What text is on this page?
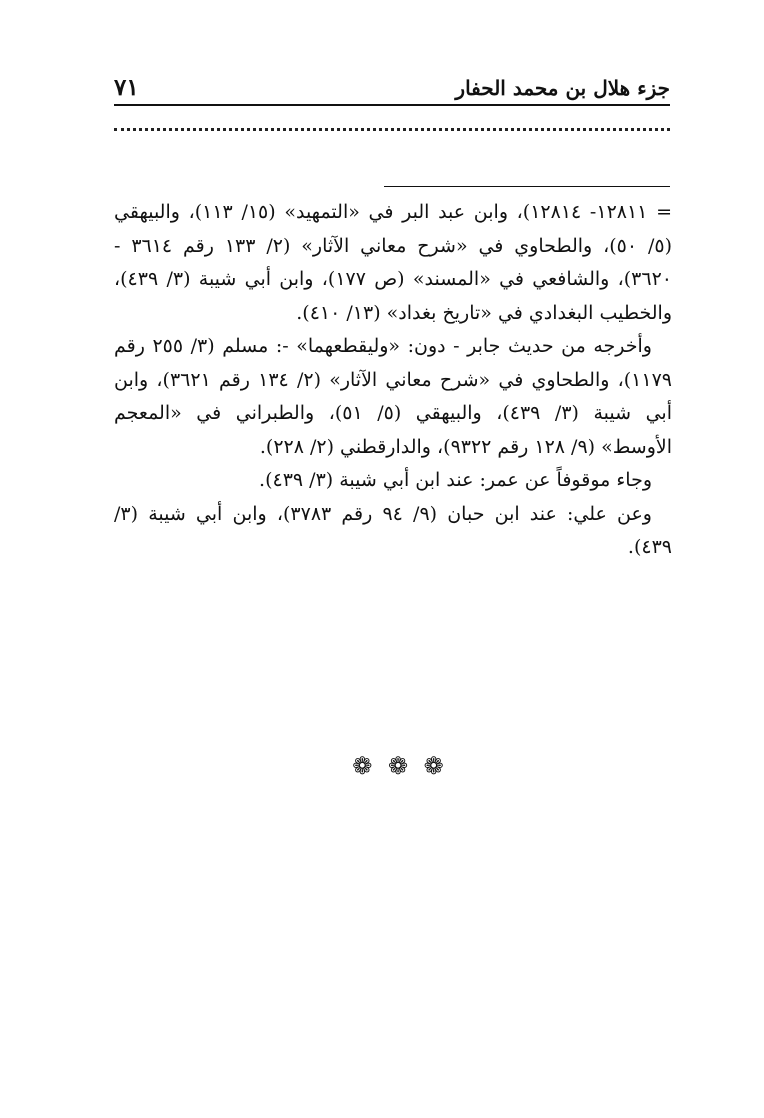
٧١	جزء هلال بن محمد الحفار

= ١٢٨١١- ١٢٨١٤)، وابن عبد البر في «التمهيد» (١٥/ ١١٣)، والبيهقي (٥/ ٥٠)، والطحاوي في «شرح معاني الآثار» (٢/ ١٣٣ رقم ٣٦١٤ - ٣٦٢٠)، والشافعي في «المسند» (ص ١٧٧)، وابن أبي شيبة (٣/ ٤٣٩)، والخطيب البغدادي في «تاريخ بغداد» (١٣/ ٤١٠).

وأخرجه من حديث جابر - دون: «وليقطعهما» -: مسلم (٣/ ٢٥٥ رقم ١١٧٩)، والطحاوي في «شرح معاني الآثار» (٢/ ١٣٤ رقم ٣٦٢١)، وابن أبي شيبة (٣/ ٤٣٩)، والبيهقي (٥/ ٥١)، والطبراني في «المعجم الأوسط» (٩/ ١٢٨ رقم ٩٣٢٢)، والدارقطني (٢/ ٢٢٨).

وجاء موقوفاً عن عمر: عند ابن أبي شيبة (٣/ ٤٣٩).

وعن علي: عند ابن حبان (٩/ ٩٤ رقم ٣٧٨٣)، وابن أبي شيبة (٣/ ٤٣٩).

❁ ❁ ❁
